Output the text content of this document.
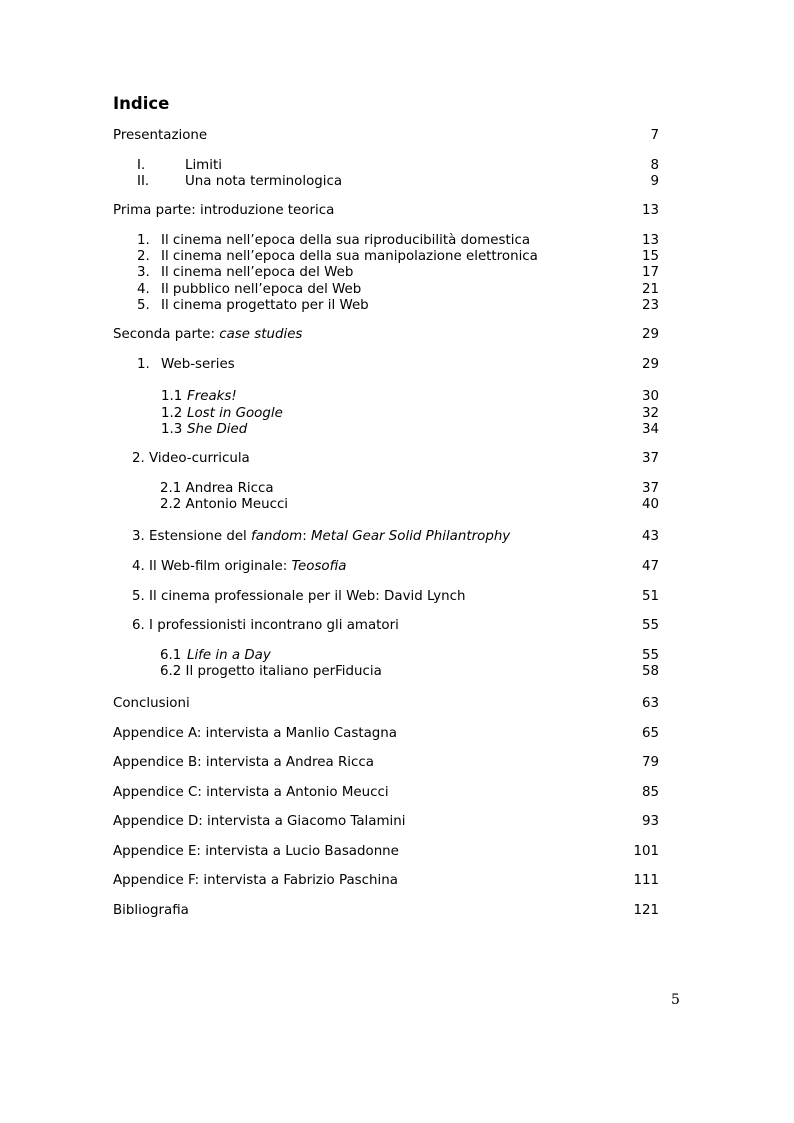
Indice
Presentazione	7
I.	Limiti	8
II.	Una nota terminologica	9
Prima parte: introduzione teorica	13
1. Il cinema nell’epoca della sua riproducibilità domestica	13
2. Il cinema nell’epoca della sua manipolazione elettronica	15
3. Il cinema nell’epoca del Web	17
4. Il pubblico nell’epoca del Web	21
5. Il cinema progettato per il Web	23
Seconda parte: case studies	29
1. Web-series	29
1.1 Freaks!	30
1.2 Lost in Google	32
1.3 She Died	34
2. Video-curricula	37
2.1 Andrea Ricca	37
2.2 Antonio Meucci	40
3. Estensione del fandom: Metal Gear Solid Philantrophy	43
4. Il Web-film originale: Teosofia	47
5. Il cinema professionale per il Web: David Lynch	51
6. I professionisti incontrano gli amatori	55
6.1 Life in a Day	55
6.2 Il progetto italiano perFiducia	58
Conclusioni	63
Appendice A: intervista a Manlio Castagna	65
Appendice B: intervista a Andrea Ricca	79
Appendice C: intervista a Antonio Meucci	85
Appendice D: intervista a Giacomo Talamini	93
Appendice E: intervista a Lucio Basadonne	101
Appendice F: intervista a Fabrizio Paschina	111
Bibliografia	121
5
